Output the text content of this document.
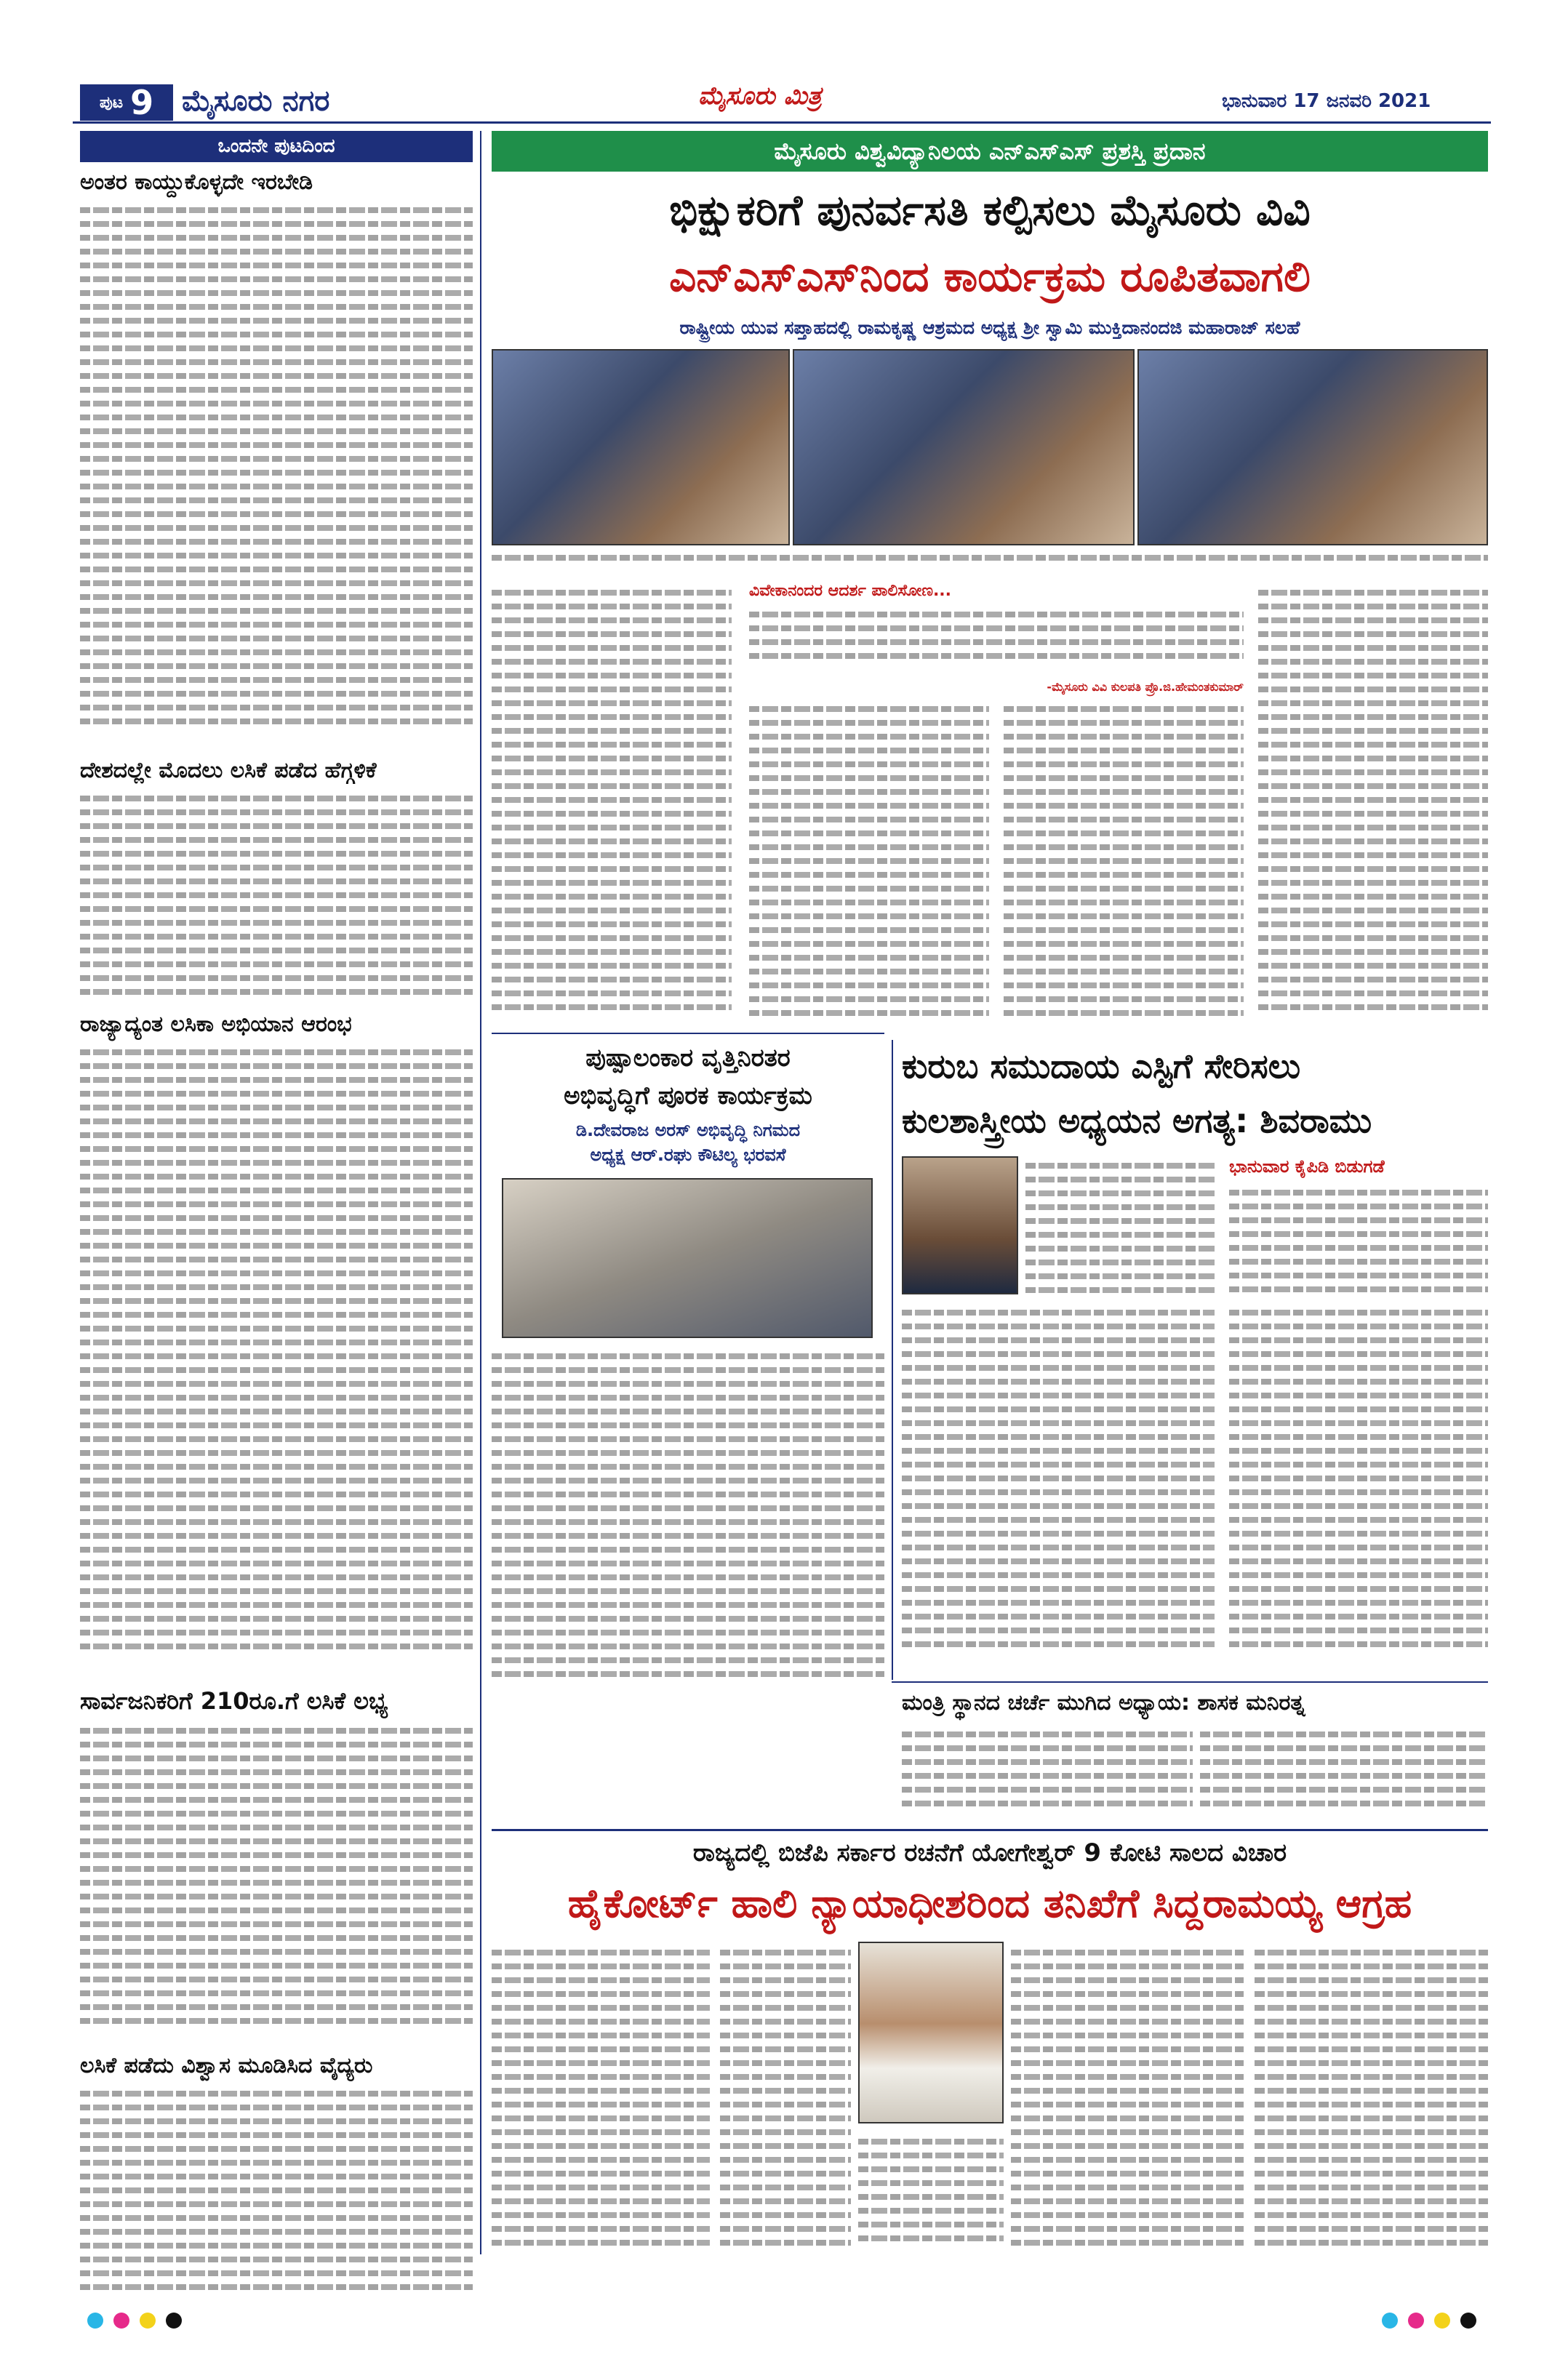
ಪುಟ 9 ಮೈಸೂರು ನಗರ	ಮೈಸೂರು ಮಿತ್ರ	ಭಾನುವಾರ 17 ಜನವರಿ 2021
ಒಂದನೇ ಪುಟದಿಂದ
ಅಂತರ ಕಾಯ್ದುಕೊಳ್ಳದೇ ಇರಬೇಡಿ
ದೇಶದಲ್ಲೇ ಮೊದಲು ಲಸಿಕೆ ಪಡೆದ ಹೆಗ್ಗಳಿಕೆ
ರಾಜ್ಯಾದ್ಯಂತ ಲಸಿಕಾ ಅಭಿಯಾನ ಆರಂಭ
ಸಾರ್ವಜನಿಕರಿಗೆ 210ರೂ.ಗೆ ಲಸಿಕೆ ಲಭ್ಯ
ಲಸಿಕೆ ಪಡೆದು ವಿಶ್ವಾಸ ಮೂಡಿಸಿದ ವೈದ್ಯರು
ಮೈಸೂರು ವಿಶ್ವವಿದ್ಯಾನಿಲಯ ಎನ್‌ಎಸ್‌ಎಸ್ ಪ್ರಶಸ್ತಿ ಪ್ರದಾನ
ಭಿಕ್ಷುಕರಿಗೆ ಪುನರ್ವಸತಿ ಕಲ್ಪಿಸಲು ಮೈಸೂರು ವಿವಿ
ಎನ್‌ಎಸ್‌ಎಸ್‌ನಿಂದ ಕಾರ್ಯಕ್ರಮ ರೂಪಿತವಾಗಲಿ
ರಾಷ್ಟ್ರೀಯ ಯುವ ಸಪ್ತಾಹದಲ್ಲಿ ರಾಮಕೃಷ್ಣ ಆಶ್ರಮದ ಅಧ್ಯಕ್ಷ ಶ್ರೀ ಸ್ವಾಮಿ ಮುಕ್ತಿದಾನಂದಜಿ ಮಹಾರಾಜ್ ಸಲಹೆ
ವಿವೇಕಾನಂದರ ಆದರ್ಶ ಪಾಲಿಸೋಣ...
-ಮೈಸೂರು ವಿವಿ ಕುಲಪತಿ ಪ್ರೊ.ಜಿ.ಹೇಮಂತಕುಮಾರ್
ಪುಷ್ಪಾಲಂಕಾರ ವೃತ್ತಿನಿರತರ
ಅಭಿವೃದ್ಧಿಗೆ ಪೂರಕ ಕಾರ್ಯಕ್ರಮ
ಡಿ.ದೇವರಾಜ ಅರಸ್ ಅಭಿವೃದ್ಧಿ ನಿಗಮದ
ಅಧ್ಯಕ್ಷ ಆರ್.ರಘು ಕೌಟಿಲ್ಯ ಭರವಸೆ
ಕುರುಬ ಸಮುದಾಯ ಎಸ್ಟಿಗೆ ಸೇರಿಸಲು
ಕುಲಶಾಸ್ತ್ರೀಯ ಅಧ್ಯಯನ ಅಗತ್ಯ: ಶಿವರಾಮು
ಭಾನುವಾರ ಕೈಪಿಡಿ ಬಿಡುಗಡೆ
ಮಂತ್ರಿ ಸ್ಥಾನದ ಚರ್ಚೆ ಮುಗಿದ ಅಧ್ಯಾಯ: ಶಾಸಕ ಮನಿರತ್ನ
ರಾಜ್ಯದಲ್ಲಿ ಬಿಜೆಪಿ ಸರ್ಕಾರ ರಚನೆಗೆ ಯೋಗೇಶ್ವರ್ 9 ಕೋಟಿ ಸಾಲದ ವಿಚಾರ
ಹೈಕೋರ್ಟ್ ಹಾಲಿ ನ್ಯಾಯಾಧೀಶರಿಂದ ತನಿಖೆಗೆ ಸಿದ್ದರಾಮಯ್ಯ ಆಗ್ರಹ
